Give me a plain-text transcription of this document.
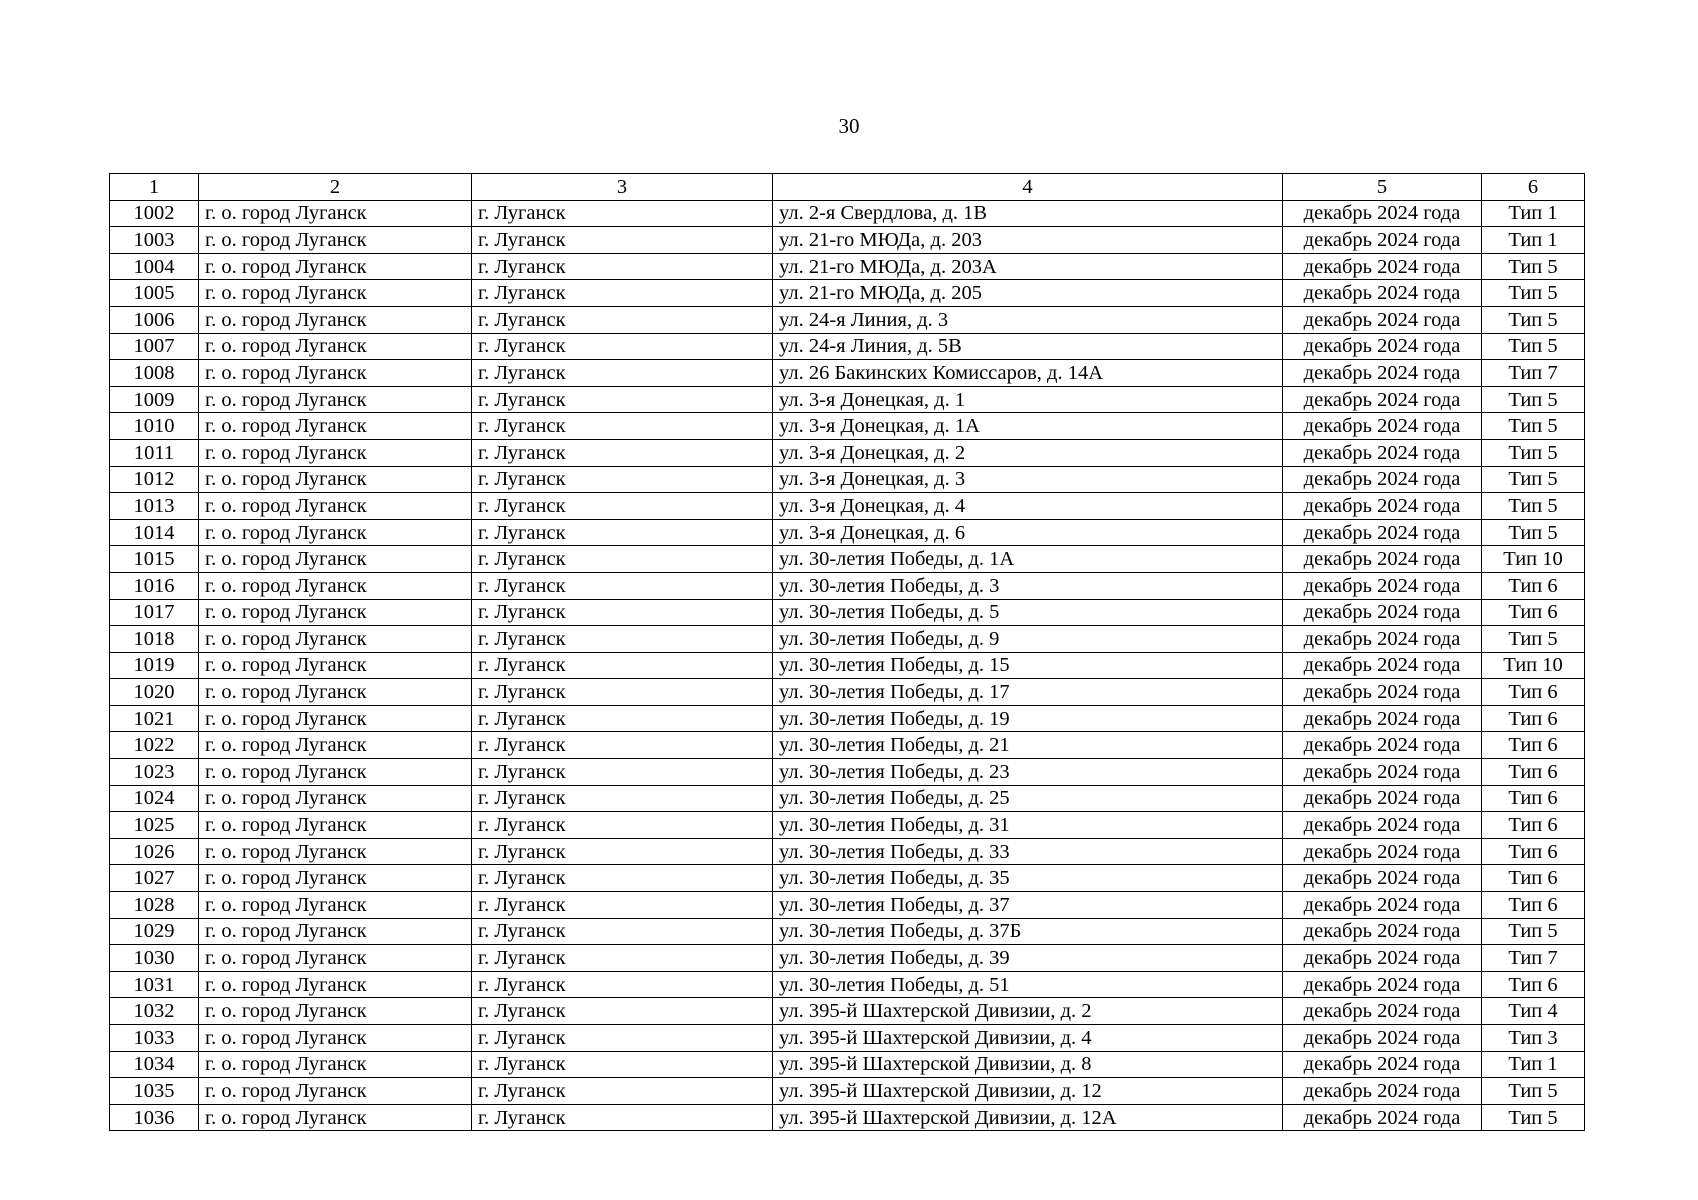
30
1	2	3	4	5	6
1002	г. о. город Луганск	г. Луганск	ул. 2-я Свердлова, д. 1В	декабрь 2024 года	Тип 1
1003	г. о. город Луганск	г. Луганск	ул. 21-го МЮДа, д. 203	декабрь 2024 года	Тип 1
1004	г. о. город Луганск	г. Луганск	ул. 21-го МЮДа, д. 203А	декабрь 2024 года	Тип 5
1005	г. о. город Луганск	г. Луганск	ул. 21-го МЮДа, д. 205	декабрь 2024 года	Тип 5
1006	г. о. город Луганск	г. Луганск	ул. 24-я Линия, д. 3	декабрь 2024 года	Тип 5
1007	г. о. город Луганск	г. Луганск	ул. 24-я Линия, д. 5В	декабрь 2024 года	Тип 5
1008	г. о. город Луганск	г. Луганск	ул. 26 Бакинских Комиссаров, д. 14А	декабрь 2024 года	Тип 7
1009	г. о. город Луганск	г. Луганск	ул. 3-я Донецкая, д. 1	декабрь 2024 года	Тип 5
1010	г. о. город Луганск	г. Луганск	ул. 3-я Донецкая, д. 1А	декабрь 2024 года	Тип 5
1011	г. о. город Луганск	г. Луганск	ул. 3-я Донецкая, д. 2	декабрь 2024 года	Тип 5
1012	г. о. город Луганск	г. Луганск	ул. 3-я Донецкая, д. 3	декабрь 2024 года	Тип 5
1013	г. о. город Луганск	г. Луганск	ул. 3-я Донецкая, д. 4	декабрь 2024 года	Тип 5
1014	г. о. город Луганск	г. Луганск	ул. 3-я Донецкая, д. 6	декабрь 2024 года	Тип 5
1015	г. о. город Луганск	г. Луганск	ул. 30-летия Победы, д. 1А	декабрь 2024 года	Тип 10
1016	г. о. город Луганск	г. Луганск	ул. 30-летия Победы, д. 3	декабрь 2024 года	Тип 6
1017	г. о. город Луганск	г. Луганск	ул. 30-летия Победы, д. 5	декабрь 2024 года	Тип 6
1018	г. о. город Луганск	г. Луганск	ул. 30-летия Победы, д. 9	декабрь 2024 года	Тип 5
1019	г. о. город Луганск	г. Луганск	ул. 30-летия Победы, д. 15	декабрь 2024 года	Тип 10
1020	г. о. город Луганск	г. Луганск	ул. 30-летия Победы, д. 17	декабрь 2024 года	Тип 6
1021	г. о. город Луганск	г. Луганск	ул. 30-летия Победы, д. 19	декабрь 2024 года	Тип 6
1022	г. о. город Луганск	г. Луганск	ул. 30-летия Победы, д. 21	декабрь 2024 года	Тип 6
1023	г. о. город Луганск	г. Луганск	ул. 30-летия Победы, д. 23	декабрь 2024 года	Тип 6
1024	г. о. город Луганск	г. Луганск	ул. 30-летия Победы, д. 25	декабрь 2024 года	Тип 6
1025	г. о. город Луганск	г. Луганск	ул. 30-летия Победы, д. 31	декабрь 2024 года	Тип 6
1026	г. о. город Луганск	г. Луганск	ул. 30-летия Победы, д. 33	декабрь 2024 года	Тип 6
1027	г. о. город Луганск	г. Луганск	ул. 30-летия Победы, д. 35	декабрь 2024 года	Тип 6
1028	г. о. город Луганск	г. Луганск	ул. 30-летия Победы, д. 37	декабрь 2024 года	Тип 6
1029	г. о. город Луганск	г. Луганск	ул. 30-летия Победы, д. 37Б	декабрь 2024 года	Тип 5
1030	г. о. город Луганск	г. Луганск	ул. 30-летия Победы, д. 39	декабрь 2024 года	Тип 7
1031	г. о. город Луганск	г. Луганск	ул. 30-летия Победы, д. 51	декабрь 2024 года	Тип 6
1032	г. о. город Луганск	г. Луганск	ул. 395-й Шахтерской Дивизии, д. 2	декабрь 2024 года	Тип 4
1033	г. о. город Луганск	г. Луганск	ул. 395-й Шахтерской Дивизии, д. 4	декабрь 2024 года	Тип 3
1034	г. о. город Луганск	г. Луганск	ул. 395-й Шахтерской Дивизии, д. 8	декабрь 2024 года	Тип 1
1035	г. о. город Луганск	г. Луганск	ул. 395-й Шахтерской Дивизии, д. 12	декабрь 2024 года	Тип 5
1036	г. о. город Луганск	г. Луганск	ул. 395-й Шахтерской Дивизии, д. 12А	декабрь 2024 года	Тип 5
